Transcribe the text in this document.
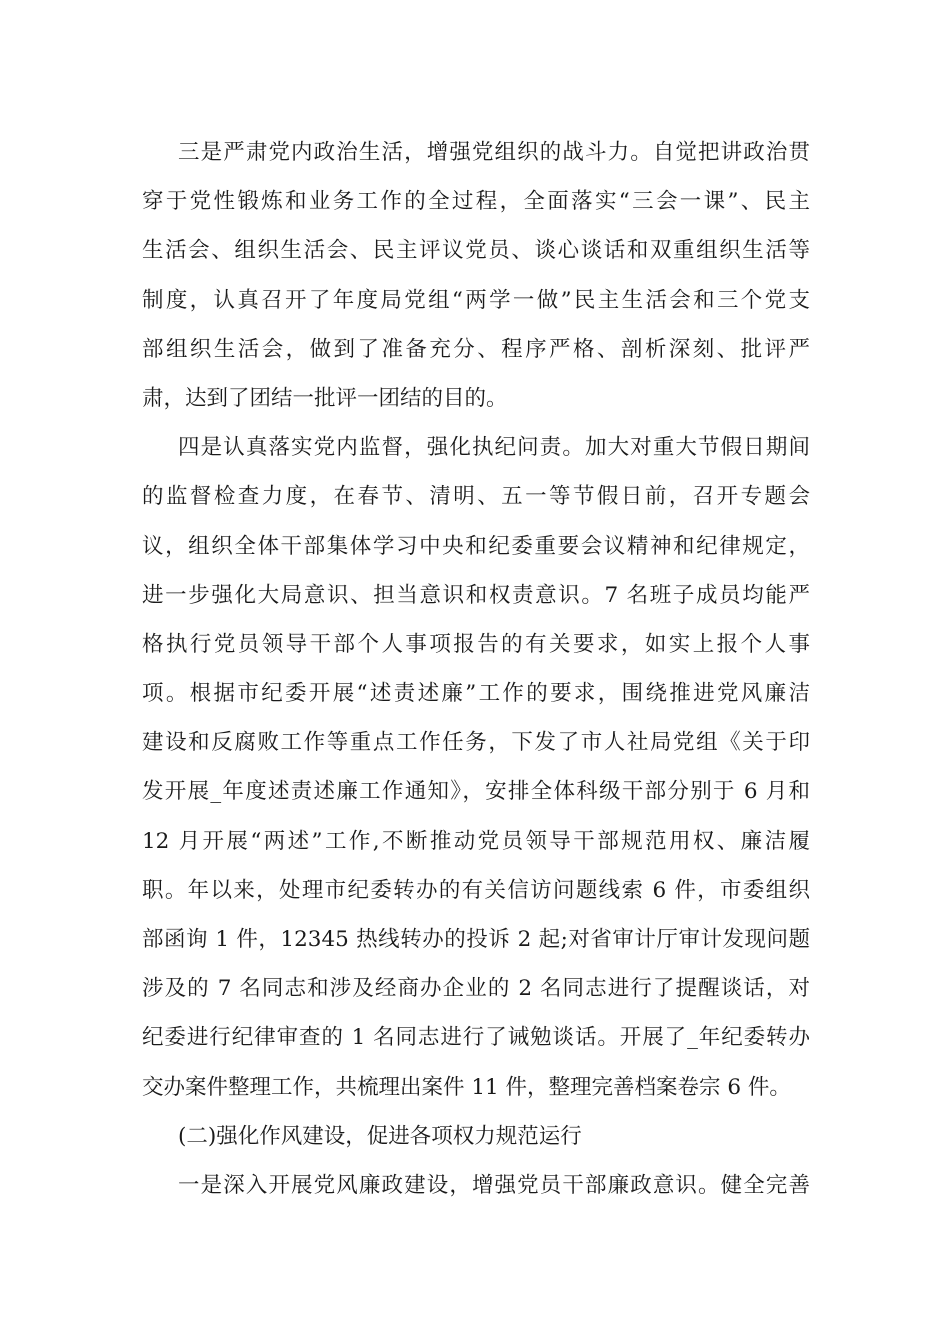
三是严肃党内政治生活，增强党组织的战斗力。自觉把讲政治贯
穿于党性锻炼和业务工作的全过程，全面落实“三会一课”、民主
生活会、组织生活会、民主评议党员、谈心谈话和双重组织生活等
制度，认真召开了年度局党组“两学一做”民主生活会和三个党支
部组织生活会，做到了准备充分、程序严格、剖析深刻、批评严
肃，达到了团结一批评一团结的目的。
四是认真落实党内监督，强化执纪问责。加大对重大节假日期间
的监督检查力度，在春节、清明、五一等节假日前，召开专题会
议，组织全体干部集体学习中央和纪委重要会议精神和纪律规定，
进一步强化大局意识、担当意识和权责意识。7 名班子成员均能严
格执行党员领导干部个人事项报告的有关要求，如实上报个人事
项。根据市纪委开展“述责述廉”工作的要求，围绕推进党风廉洁
建设和反腐败工作等重点工作任务，下发了市人社局党组《关于印
发开展_年度述责述廉工作通知》，安排全体科级干部分别于 6 月和
12 月开展“两述”工作,不断推动党员领导干部规范用权、廉洁履
职。年以来，处理市纪委转办的有关信访问题线索 6 件，市委组织
部函询 1 件，12345 热线转办的投诉 2 起;对省审计厅审计发现问题
涉及的 7 名同志和涉及经商办企业的 2 名同志进行了提醒谈话，对
纪委进行纪律审查的 1 名同志进行了诫勉谈话。开展了_年纪委转办
交办案件整理工作，共梳理出案件 11 件，整理完善档案卷宗 6 件。
(二)强化作风建设，促进各项权力规范运行
一是深入开展党风廉政建设，增强党员干部廉政意识。健全完善
